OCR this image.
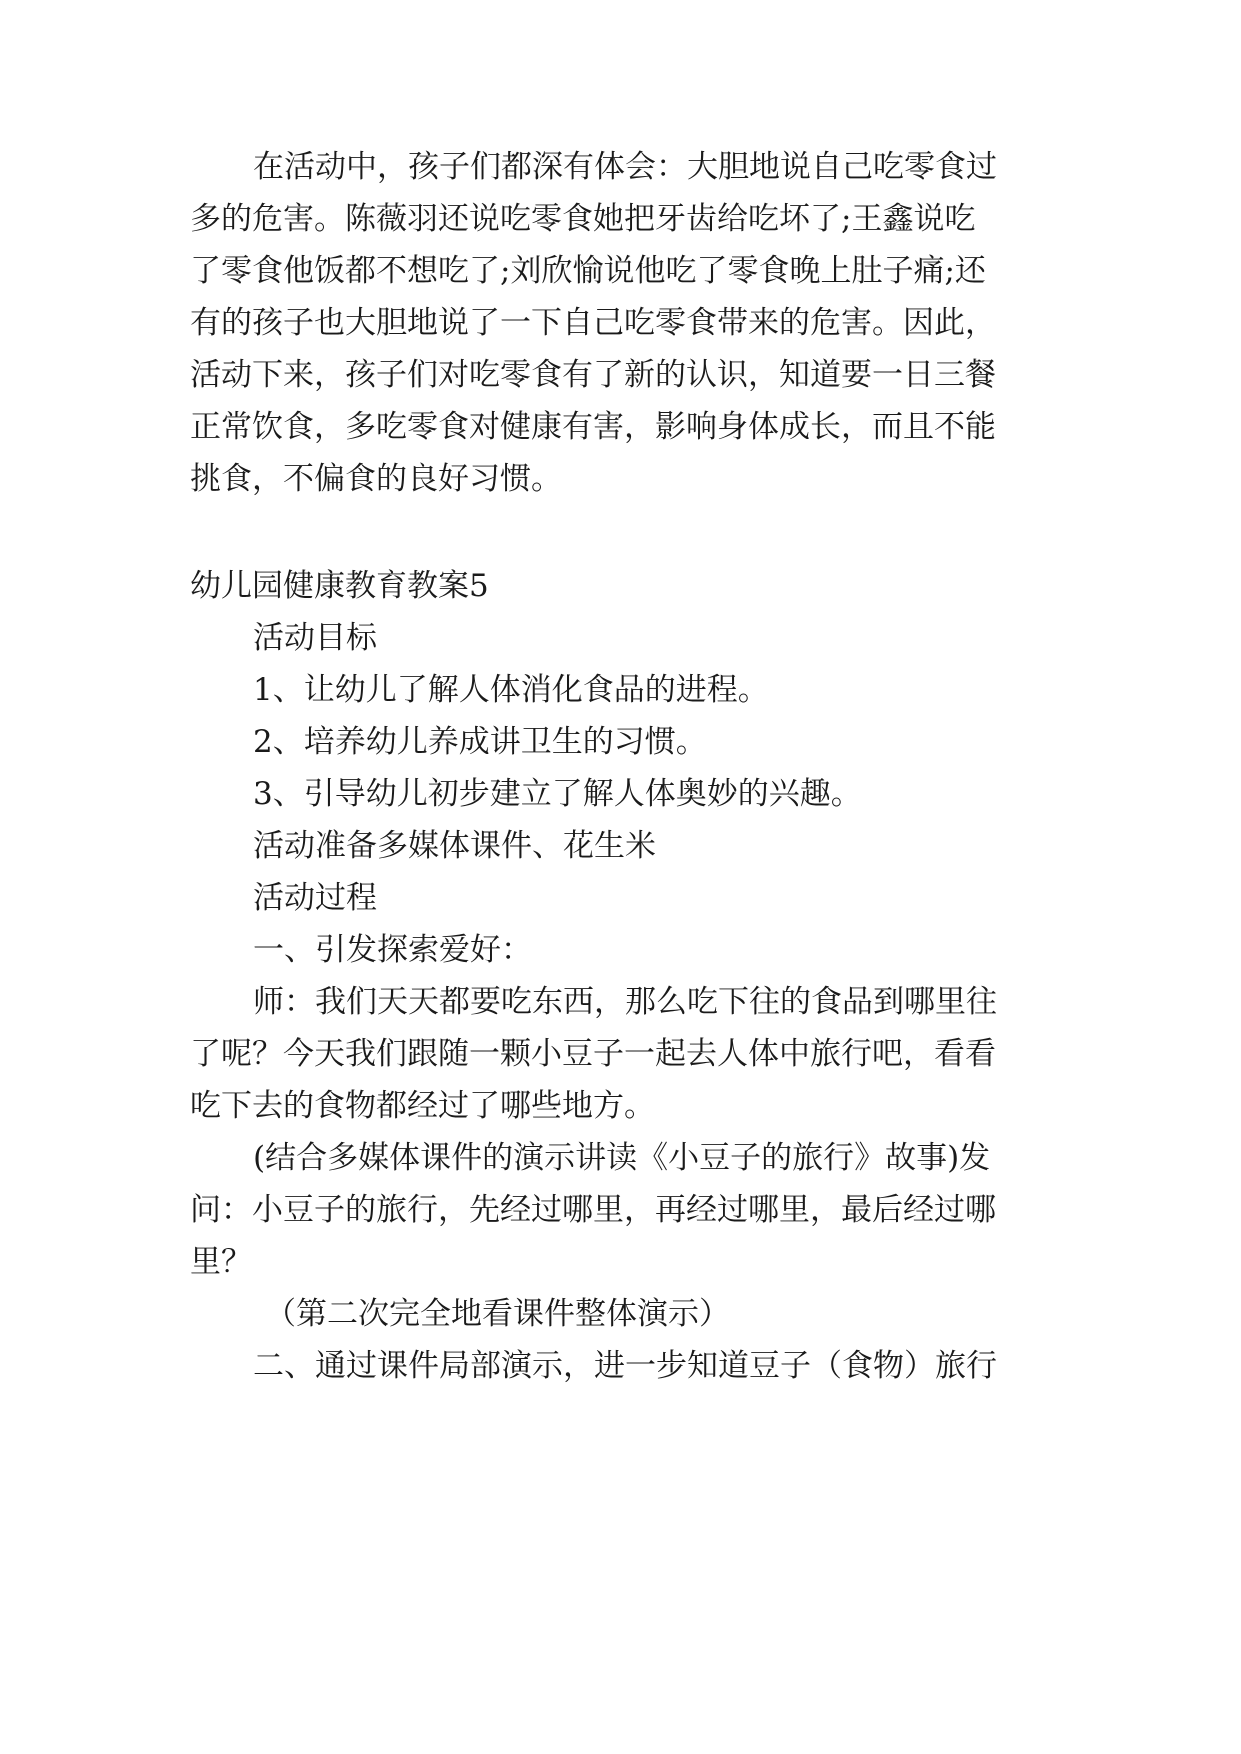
在活动中，孩子们都深有体会：大胆地说自己吃零食过
多的危害。陈薇羽还说吃零食她把牙齿给吃坏了;王鑫说吃
了零食他饭都不想吃了;刘欣愉说他吃了零食晚上肚子痛;还
有的孩子也大胆地说了一下自己吃零食带来的危害。因此，
活动下来，孩子们对吃零食有了新的认识，知道要一日三餐
正常饮食，多吃零食对健康有害，影响身体成长，而且不能
挑食，不偏食的良好习惯。
幼儿园健康教育教案5
活动目标
1、让幼儿了解人体消化食品的进程。
2、培养幼儿养成讲卫生的习惯。
3、引导幼儿初步建立了解人体奥妙的兴趣。
活动准备多媒体课件、花生米
活动过程
一、引发探索爱好：
师：我们天天都要吃东西，那么吃下往的食品到哪里往
了呢？今天我们跟随一颗小豆子一起去人体中旅行吧，看看
吃下去的食物都经过了哪些地方。
(结合多媒体课件的演示讲读《小豆子的旅行》故事)发
问：小豆子的旅行，先经过哪里，再经过哪里，最后经过哪
里？
（第二次完全地看课件整体演示）
二、通过课件局部演示，进一步知道豆子（食物）旅行
